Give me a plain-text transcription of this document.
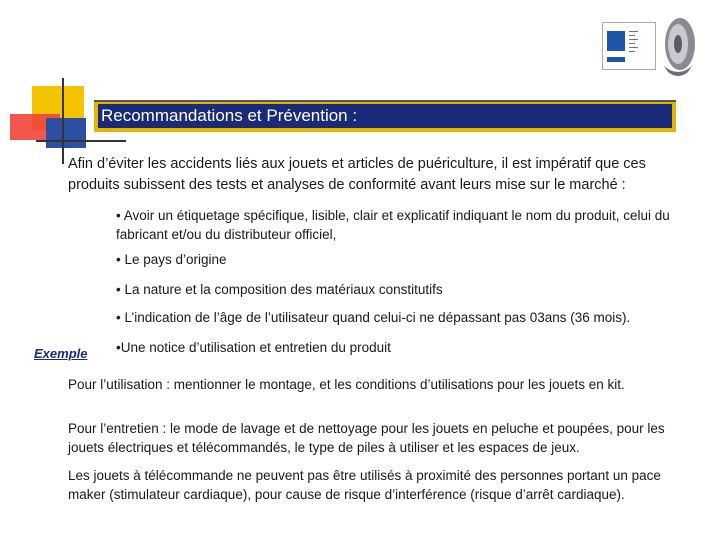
▬▬▬
▬▬
▬▬▬
▬▬
▬▬▬
▬▬
Recommandations et Prévention :
Afin d’éviter les accidents liés aux jouets et articles de puériculture, il est impératif que ces produits subissent des tests et analyses de conformité avant leurs mise sur le marché :
• Avoir un étiquetage spécifique, lisible, clair et explicatif indiquant le nom du produit, celui du fabricant et/ou du distributeur officiel,
• Le pays d’origine
• La nature et la composition des matériaux constitutifs
• L’indication de l’âge de l’utilisateur quand celui-ci ne dépassant pas 03ans (36 mois).
•Une notice d’utilisation et entretien du produit
Exemple
Pour l’utilisation : mentionner le montage, et les conditions d’utilisations pour les jouets en kit.
Pour l’entretien : le mode de lavage et de nettoyage pour les jouets en peluche et poupées, pour les jouets électriques et télécommandés, le type de piles à utiliser et les espaces de jeux.
Les jouets à télécommande ne peuvent pas être utilisés à proximité des personnes portant un pace maker (stimulateur cardiaque), pour cause de risque d’interférence (risque d’arrêt cardiaque).
